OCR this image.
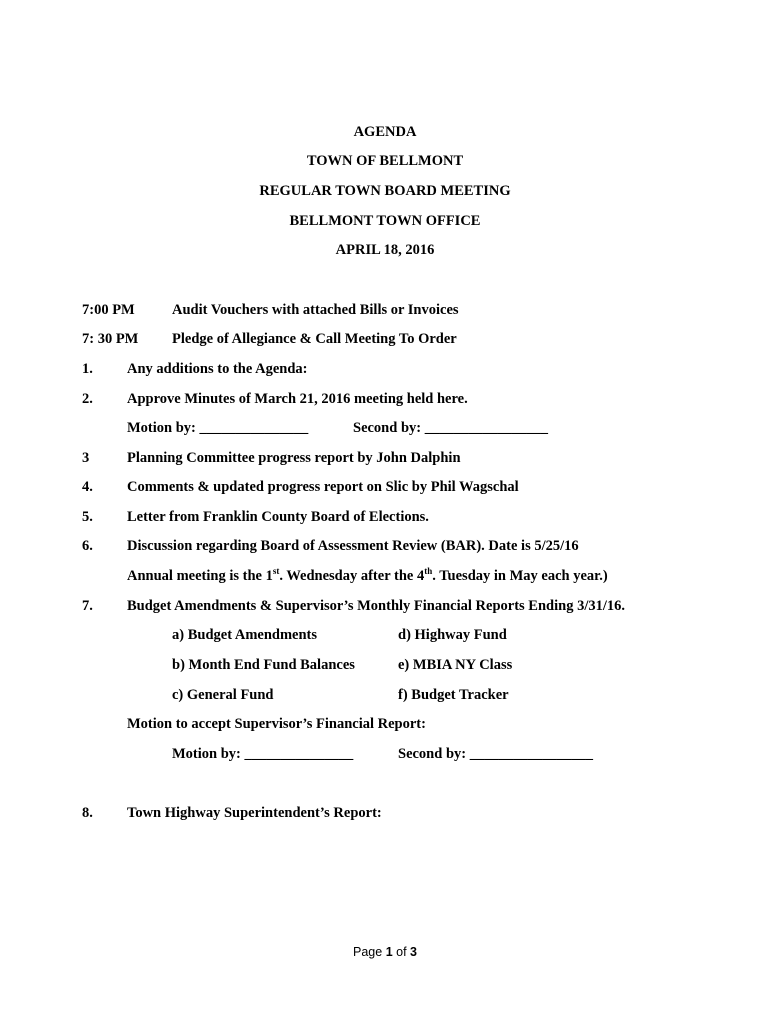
AGENDA
TOWN OF BELLMONT
REGULAR TOWN BOARD MEETING
BELLMONT TOWN OFFICE
APRIL 18, 2016
7:00 PM	Audit Vouchers with attached Bills or Invoices
7: 30 PM Pledge of Allegiance & Call Meeting To Order
1. Any additions to the Agenda:
2. Approve Minutes of March 21, 2016 meeting held here.
Motion by: _______________	Second by: _________________
3	Planning Committee progress report by John Dalphin
4. Comments & updated progress report on Slic by Phil Wagschal
5. Letter from Franklin County Board of Elections.
6. Discussion regarding Board of Assessment Review (BAR). Date is 5/25/16
Annual meeting is the 1st. Wednesday after the 4th. Tuesday in May each year.)
7. Budget Amendments & Supervisor’s Monthly Financial Reports Ending 3/31/16.
a) Budget Amendments	d) Highway Fund
b) Month End Fund Balances	e) MBIA NY Class
c) General Fund	f) Budget Tracker
Motion to accept Supervisor’s Financial Report:
Motion by: _______________	Second by: _________________
8. Town Highway Superintendent’s Report:
Page 1 of 3
